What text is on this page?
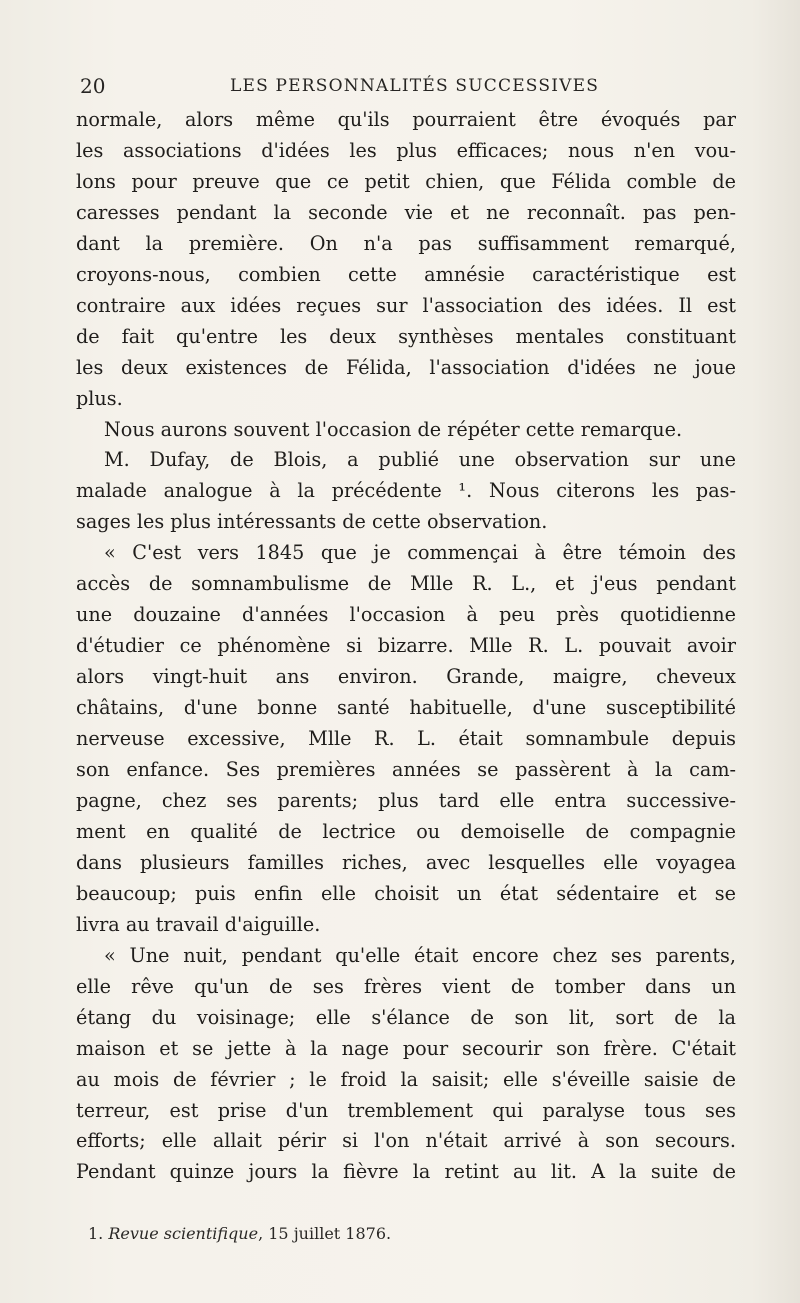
20	LES PERSONNALITÉS SUCCESSIVES

normale, alors même qu'ils pourraient être évoqués par

les associations d'idées les plus efficaces; nous n'en vou-

lons pour preuve que ce petit chien, que Félida comble de

caresses pendant la seconde vie et ne reconnaît. pas pen-

dant la première. On n'a pas suffisamment remarqué,

croyons-nous, combien cette amnésie caractéristique est

contraire aux idées reçues sur l'association des idées. Il est

de fait qu'entre les deux synthèses mentales constituant

les deux existences de Félida, l'association d'idées ne joue

plus.

Nous aurons souvent l'occasion de répéter cette remarque.

M. Dufay, de Blois, a publié une observation sur une

malade analogue à la précédente ¹. Nous citerons les pas-

sages les plus intéressants de cette observation.

« C'est vers 1845 que je commençai à être témoin des

accès de somnambulisme de Mlle R. L., et j'eus pendant

une douzaine d'années l'occasion à peu près quotidienne

d'étudier ce phénomène si bizarre. Mlle R. L. pouvait avoir

alors vingt-huit ans environ. Grande, maigre, cheveux

châtains, d'une bonne santé habituelle, d'une susceptibilité

nerveuse excessive, Mlle R. L. était somnambule depuis

son enfance. Ses premières années se passèrent à la cam-

pagne, chez ses parents; plus tard elle entra successive-

ment en qualité de lectrice ou demoiselle de compagnie

dans plusieurs familles riches, avec lesquelles elle voyagea

beaucoup; puis enfin elle choisit un état sédentaire et se

livra au travail d'aiguille.

« Une nuit, pendant qu'elle était encore chez ses parents,

elle rêve qu'un de ses frères vient de tomber dans un

étang du voisinage; elle s'élance de son lit, sort de la

maison et se jette à la nage pour secourir son frère. C'était

au mois de février ; le froid la saisit; elle s'éveille saisie de

terreur, est prise d'un tremblement qui paralyse tous ses

efforts; elle allait périr si l'on n'était arrivé à son secours.

Pendant quinze jours la fièvre la retint au lit. A la suite de

1. Revue scientifique, 15 juillet 1876.
